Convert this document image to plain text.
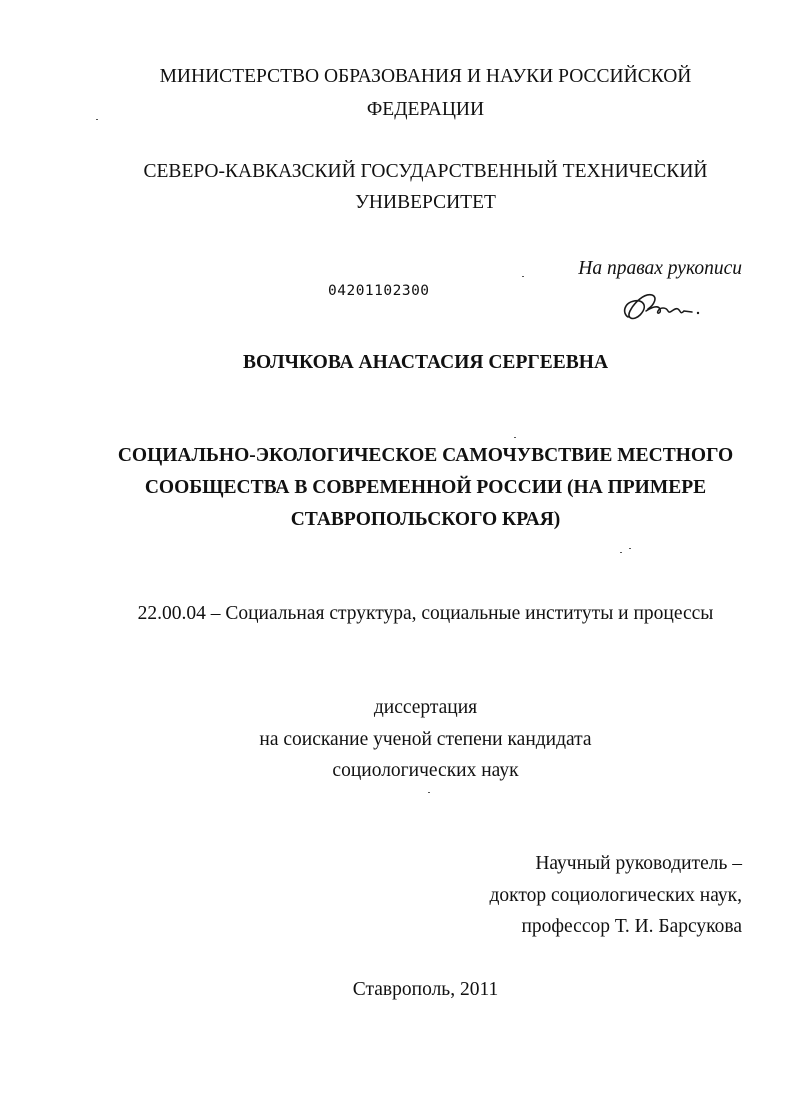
МИНИСТЕРСТВО ОБРАЗОВАНИЯ И НАУКИ РОССИЙСКОЙ
ФЕДЕРАЦИИ
СЕВЕРО-КАВКАЗСКИЙ ГОСУДАРСТВЕННЫЙ ТЕХНИЧЕСКИЙ
УНИВЕРСИТЕТ
На правах рукописи
04201102300
ВОЛЧКОВА АНАСТАСИЯ СЕРГЕЕВНА
СОЦИАЛЬНО-ЭКОЛОГИЧЕСКОЕ САМОЧУВСТВИЕ МЕСТНОГО
СООБЩЕСТВА В СОВРЕМЕННОЙ РОССИИ (НА ПРИМЕРЕ
СТАВРОПОЛЬСКОГО КРАЯ)
22.00.04 – Социальная структура, социальные институты и процессы
диссертация
на соискание ученой степени кандидата
социологических наук
Научный руководитель –
доктор социологических наук,
профессор Т. И. Барсукова
Ставрополь, 2011
